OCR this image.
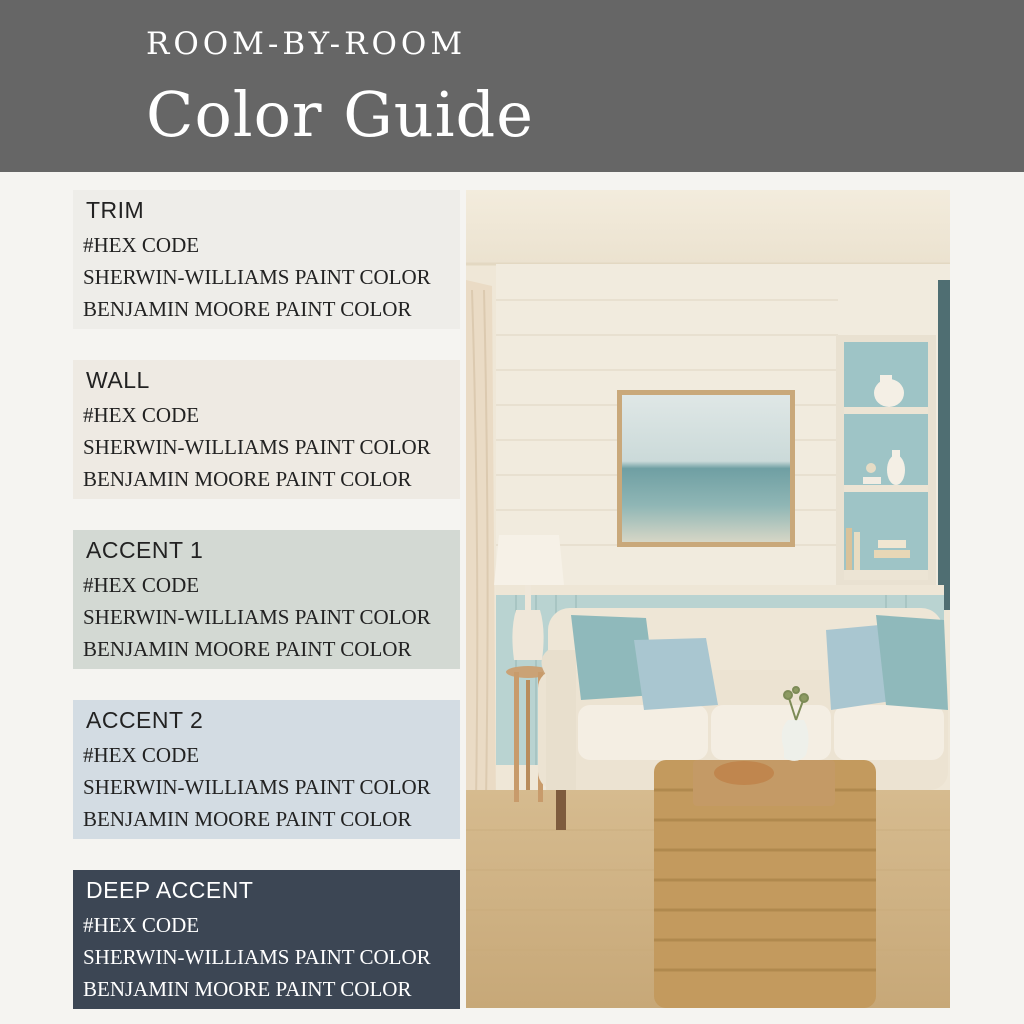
ROOM-BY-ROOM
Color Guide
TRIM
#HEX CODE
SHERWIN-WILLIAMS PAINT COLOR
BENJAMIN MOORE PAINT COLOR
WALL
#HEX CODE
SHERWIN-WILLIAMS PAINT COLOR
BENJAMIN MOORE PAINT COLOR
ACCENT 1
#HEX CODE
SHERWIN-WILLIAMS PAINT COLOR
BENJAMIN MOORE PAINT COLOR
ACCENT 2
#HEX CODE
SHERWIN-WILLIAMS PAINT COLOR
BENJAMIN MOORE PAINT COLOR
DEEP ACCENT
#HEX CODE
SHERWIN-WILLIAMS PAINT COLOR
BENJAMIN MOORE PAINT COLOR
